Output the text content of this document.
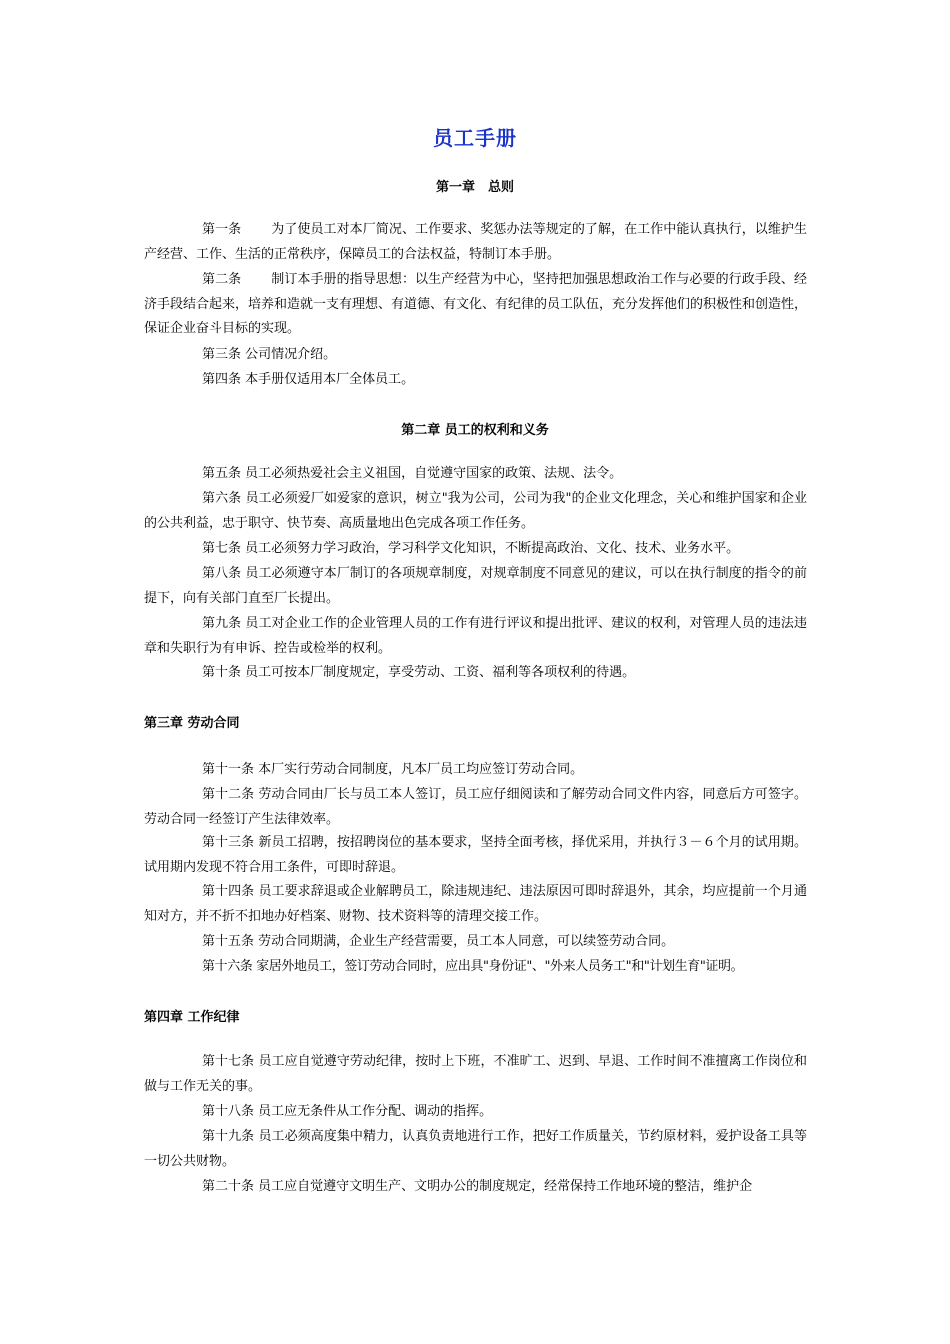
员工手册
第一章　总则

第一条 为了使员工对本厂简况、工作要求、奖惩办法等规定的了解，在工作中能认真执行，以维护生产经营、工作、生活的正常秩序，保障员工的合法权益，特制订本手册。

第二条 制订本手册的指导思想：以生产经营为中心，坚持把加强思想政治工作与必要的行政手段、经济手段结合起来，培养和造就一支有理想、有道德、有文化、有纪律的员工队伍，充分发挥他们的积极性和创造性，保证企业奋斗目标的实现。

第三条 公司情况介绍。

第四条 本手册仅适用本厂全体员工。

第二章 员工的权利和义务

第五条 员工必须热爱社会主义祖国，自觉遵守国家的政策、法规、法令。

第六条 员工必须爱厂如爱家的意识，树立"我为公司，公司为我"的企业文化理念，关心和维护国家和企业的公共利益，忠于职守、快节奏、高质量地出色完成各项工作任务。

第七条 员工必须努力学习政治，学习科学文化知识，不断提高政治、文化、技术、业务水平。

第八条 员工必须遵守本厂制订的各项规章制度，对规章制度不同意见的建议，可以在执行制度的指令的前提下，向有关部门直至厂长提出。

第九条 员工对企业工作的企业管理人员的工作有进行评议和提出批评、建议的权利，对管理人员的违法违章和失职行为有申诉、控告或检举的权利。

第十条 员工可按本厂制度规定，享受劳动、工资、福利等各项权利的待遇。

第三章 劳动合同

第十一条 本厂实行劳动合同制度，凡本厂员工均应签订劳动合同。

第十二条 劳动合同由厂长与员工本人签订，员工应仔细阅读和了解劳动合同文件内容，同意后方可签字。劳动合同一经签订产生法律效率。

第十三条 新员工招聘，按招聘岗位的基本要求，坚持全面考核，择优采用，并执行３－６个月的试用期。试用期内发现不符合用工条件，可即时辞退。

第十四条 员工要求辞退或企业解聘员工，除违规违纪、违法原因可即时辞退外，其余，均应提前一个月通知对方，并不折不扣地办好档案、财物、技术资料等的清理交接工作。

第十五条 劳动合同期满，企业生产经营需要，员工本人同意，可以续签劳动合同。

第十六条 家居外地员工，签订劳动合同时，应出具"身份证"、"外来人员务工"和"计划生育"证明。

第四章 工作纪律

第十七条 员工应自觉遵守劳动纪律，按时上下班，不准旷工、迟到、早退、工作时间不准擅离工作岗位和做与工作无关的事。

第十八条 员工应无条件从工作分配、调动的指挥。

第十九条 员工必须高度集中精力，认真负责地进行工作，把好工作质量关，节约原材料，爱护设备工具等一切公共财物。

第二十条 员工应自觉遵守文明生产、文明办公的制度规定，经常保持工作地环境的整洁，维护企
